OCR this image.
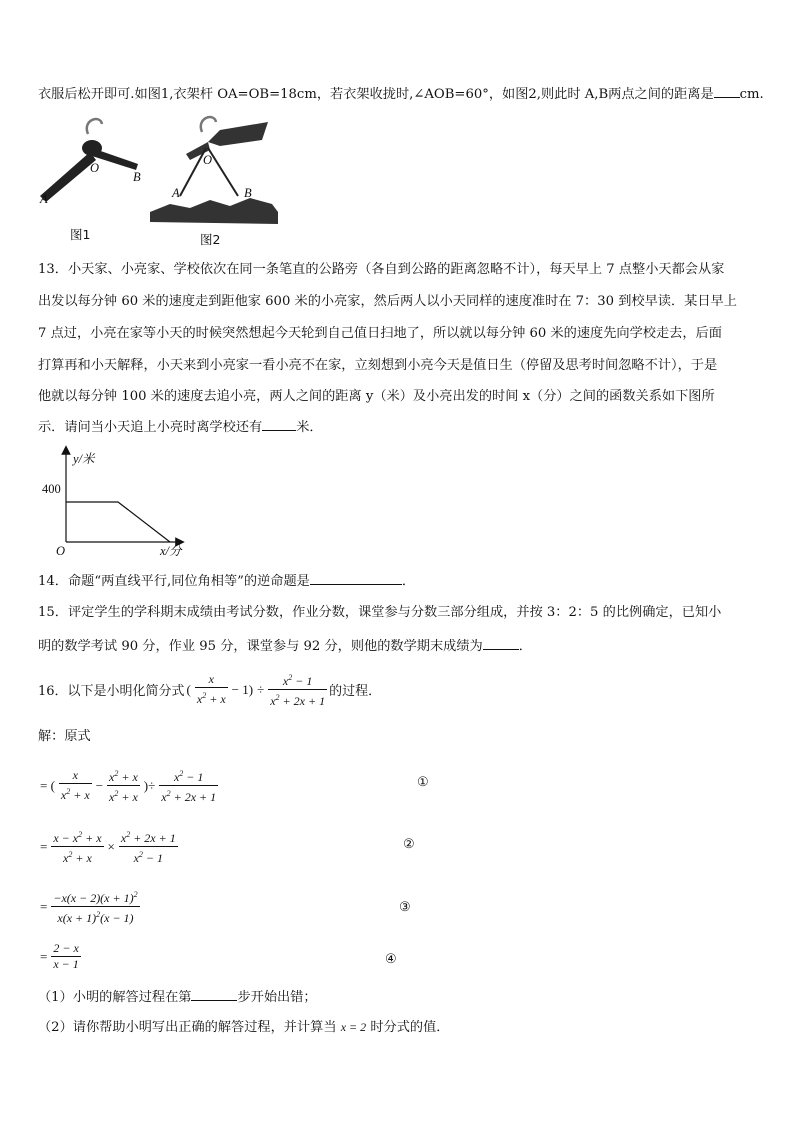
衣服后松开即可.如图1,衣架杆 OA=OB=18cm，若衣架收拢时,∠AOB=60°，如图2,则此时 A,B两点之间的距离是 cm.
O
B
A
图1
O
A	B
图2
13．小天家、小亮家、学校依次在同一条笔直的公路旁（各自到公路的距离忽略不计），每天早上 7 点整小天都会从家
出发以每分钟 60 米的速度走到距他家 600 米的小亮家，然后两人以小天同样的速度准时在 7：30 到校早读．某日早上
7 点过，小亮在家等小天的时候突然想起今天轮到自己值日扫地了，所以就以每分钟 60 米的速度先向学校走去，后面
打算再和小天解释，小天来到小亮家一看小亮不在家，立刻想到小亮今天是值日生（停留及思考时间忽略不计），于是
他就以每分钟 100 米的速度去追小亮，两人之间的距离 y（米）及小亮出发的时间 x（分）之间的函数关系如下图所
示．请问当小天追上小亮时离学校还有	米．
y/米
400
O	x/分
14．命题“两直线平行,同位角相等”的逆命题是	．
15．评定学生的学科期末成绩由考试分数，作业分数，课堂参与分数三部分组成，并按 3：2：5 的比例确定，已知小
明的数学考试 90 分，作业 95 分，课堂参与 92 分，则他的数学期末成绩为	．
16．以下是小明化简分式 ( $\frac{x}{x^2 + x} - 1) \div \frac{x^2 - 1}{x^2 + 2x + 1}$ 的过程．
解：原式
= ( $\frac{x}{x^2 + x} - \frac{x^2 + x}{x^2 + x}$ )÷ $\frac{x^2 - 1}{x^2 + 2x + 1}$	①
= $\frac{x - x^2 + x}{x^2 + x} \times \frac{x^2 + 2x + 1}{x^2 - 1}$	②
= $\frac{-x(x - 2)(x + 1)^2}{x(x + 1)^2(x - 1)}$	③
= $\frac{2 - x}{x - 1}$	④
（1）小明的解答过程在第	步开始出错；
（2）请你帮助小明写出正确的解答过程，并计算当 x = 2 时分式的值．
